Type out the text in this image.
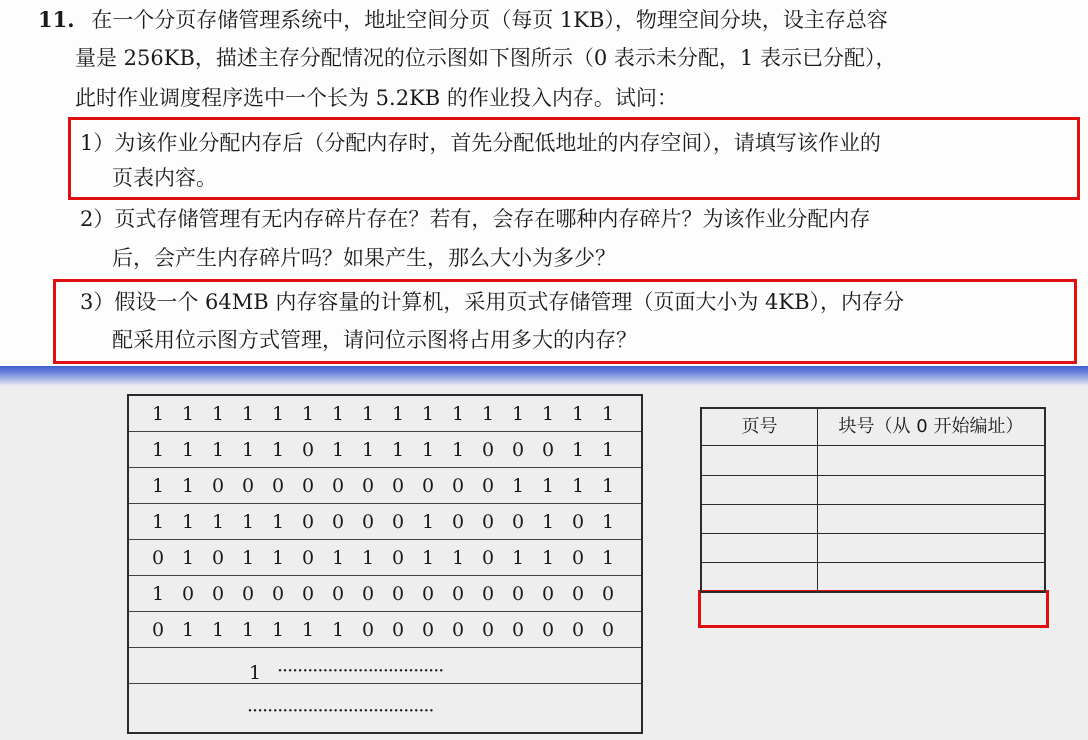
11. 在一个分页存储管理系统中，地址空间分页（每页 1KB），物理空间分块，设主存总容
量是 256KB，描述主存分配情况的位示图如下图所示（0 表示未分配，1 表示已分配），
此时作业调度程序选中一个长为 5.2KB 的作业投入内存。试问：
1）为该作业分配内存后（分配内存时，首先分配低地址的内存空间），请填写该作业的
页表内容。
2）页式存储管理有无内存碎片存在？若有，会存在哪种内存碎片？为该作业分配内存
后，会产生内存碎片吗？如果产生，那么大小为多少？
3）假设一个 64MB 内存容量的计算机，采用页式存储管理（页面大小为 4KB），内存分
配采用位示图方式管理，请问位示图将占用多大的内存？
1 1 1 1 1 1 1 1 1 1 1 1 1 1 1 1
1 1 1 1 1 0 1 1 1 1 1 0 0 0 1 1
1 1 0 0 0 0 0 0 0 0 0 0 1 1 1 1
1 1 1 1 1 0 0 0 0 1 0 0 0 1 0 1
0 1 0 1 1 0 1 1 0 1 1 0 1 1 0 1
1 0 0 0 0 0 0 0 0 0 0 0 0 0 0 0
0 1 1 1 1 1 1 0 0 0 0 0 0 0 0 0
1 ·································
·····································
页号	块号（从 0 开始编址）
